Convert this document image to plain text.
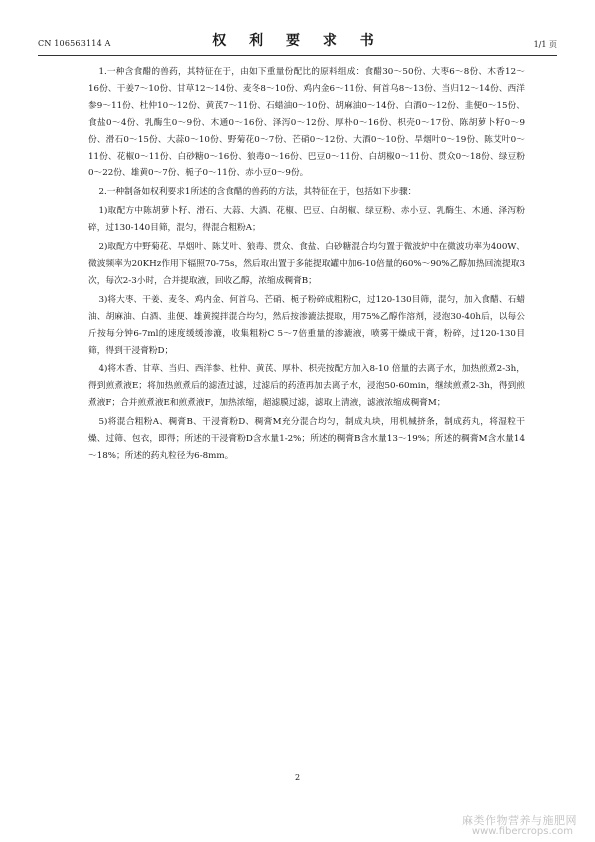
CN 106563114 A	权 利 要 求 书	1/1 页

1.一种含食醋的兽药，其特征在于，由如下重量份配比的原料组成：食醋30～50份、大枣6～8份、木香12～16份、干姜7～10份、甘草12～14份、麦冬8～10份、鸡内金6～11份、何首乌8～13份、当归12～14份、西洋参9～11份、杜仲10～12份、黄芪7～11份、石蜡油0～10份、胡麻油0～14份、白酒0～12份、韭便0～15份、食盐0～4份、乳酶生0～9份、木通0～16份、泽泻0～12份、厚朴0～16份、枳壳0～17份、陈胡萝卜籽0～9份、滑石0～15份、大蒜0～10份、野菊花0～7份、芒硝0～12份、大酒0～10份、旱烟叶0～19份、陈艾叶0～11份、花椒0～11份、白砂糖0～16份、狼毒0～16份、巴豆0～11份、白胡椒0～11份、贯众0～18份、绿豆粉0～22份、雄黄0～7份、栀子0～11份、赤小豆0～9份。

2.一种制备如权利要求1所述的含食醋的兽药的方法，其特征在于，包括如下步骤：

1)取配方中陈胡萝卜籽、滑石、大蒜、大酒、花椒、巴豆、白胡椒、绿豆粉、赤小豆、乳酶生、木通、泽泻粉碎，过130-140目筛，混匀，得混合粗粉A；

2)取配方中野菊花、旱烟叶、陈艾叶、狼毒、贯众、食盐、白砂糖混合均匀置于微波炉中在微波功率为400W、微波频率为20KHz作用下辐照70-75s，然后取出置于多能提取罐中加6-10倍量的60%～90%乙醇加热回流提取3次，每次2-3小时，合并提取液，回收乙醇，浓缩成稠膏B；

3)将大枣、干姜、麦冬、鸡内金、何首乌、芒硝、栀子粉碎成粗粉C，过120-130目筛，混匀，加入食醋、石蜡油、胡麻油、白酒、韭便、雄黄搅拌混合均匀，然后按渗漉法提取，用75%乙醇作溶剂，浸泡30-40h后，以每公斤按每分钟6-7ml的速度缓缓渗漉，收集粗粉C 5～7倍重量的渗漉液，喷雾干燥成干膏，粉碎，过120-130目筛，得到干浸膏粉D；

4)将木香、甘草、当归、西洋参、杜仲、黄芪、厚朴、枳壳按配方加入8-10 倍量的去离子水，加热煎煮2-3h，得到煎煮液E；将加热煎煮后的滤渣过滤，过滤后的药渣再加去离子水，浸泡50-60min，继续煎煮2-3h，得到煎煮液F；合并煎煮液E和煎煮液F，加热浓缩，超滤膜过滤，滤取上清液，滤液浓缩成稠膏M；

5)将混合粗粉A、稠膏B、干浸膏粉D、稠膏M充分混合均匀，制成丸块，用机械挤条，制成药丸，将湿粒干燥、过筛、包衣，即得；所述的干浸膏粉D含水量1-2%；所述的稠膏B含水量13～19%；所述的稠膏M含水量14～18%；所述的药丸粒径为6-8mm。

2
麻类作物营养与施肥网
www.fibercrops.com
